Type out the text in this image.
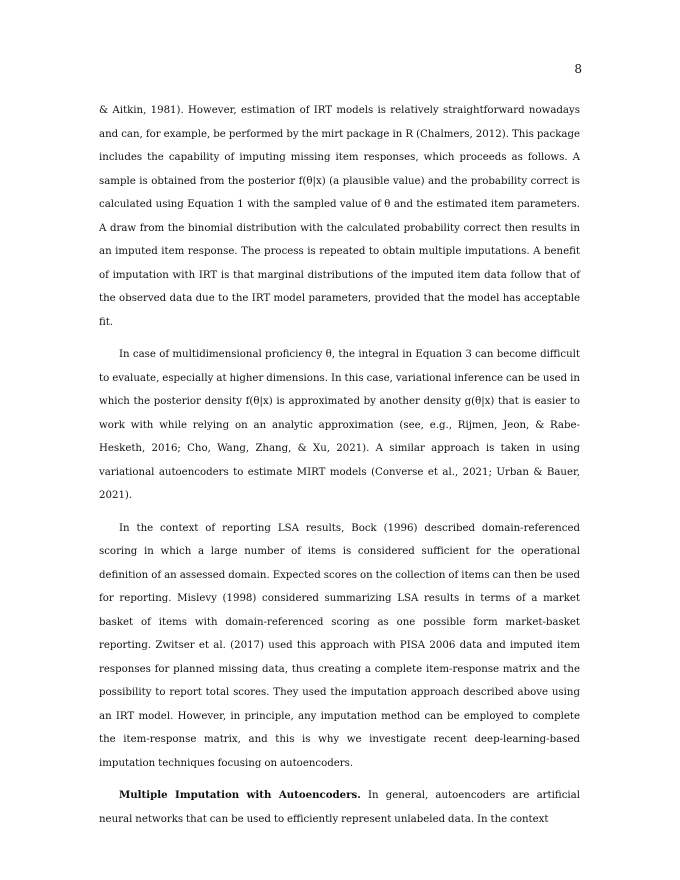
8

& Aitkin, 1981). However, estimation of IRT models is relatively straightforward nowadays and can, for example, be performed by the mirt package in R (Chalmers, 2012). This package includes the capability of imputing missing item responses, which proceeds as follows. A sample is obtained from the posterior f(θ|x) (a plausible value) and the probability correct is calculated using Equation 1 with the sampled value of θ and the estimated item parameters. A draw from the binomial distribution with the calculated probability correct then results in an imputed item response. The process is repeated to obtain multiple imputations. A benefit of imputation with IRT is that marginal distributions of the imputed item data follow that of the observed data due to the IRT model parameters, provided that the model has acceptable fit.

In case of multidimensional proficiency θ, the integral in Equation 3 can become difficult to evaluate, especially at higher dimensions. In this case, variational inference can be used in which the posterior density f(θ|x) is approximated by another density g(θ|x) that is easier to work with while relying on an analytic approximation (see, e.g., Rijmen, Jeon, & Rabe-Hesketh, 2016; Cho, Wang, Zhang, & Xu, 2021). A similar approach is taken in using variational autoencoders to estimate MIRT models (Converse et al., 2021; Urban & Bauer, 2021).

In the context of reporting LSA results, Bock (1996) described domain-referenced scoring in which a large number of items is considered sufficient for the operational definition of an assessed domain. Expected scores on the collection of items can then be used for reporting. Mislevy (1998) considered summarizing LSA results in terms of a market basket of items with domain-referenced scoring as one possible form market-basket reporting. Zwitser et al. (2017) used this approach with PISA 2006 data and imputed item responses for planned missing data, thus creating a complete item-response matrix and the possibility to report total scores. They used the imputation approach described above using an IRT model. However, in principle, any imputation method can be employed to complete the item-response matrix, and this is why we investigate recent deep-learning-based imputation techniques focusing on autoencoders.

Multiple Imputation with Autoencoders. In general, autoencoders are artificial neural networks that can be used to efficiently represent unlabeled data. In the context
